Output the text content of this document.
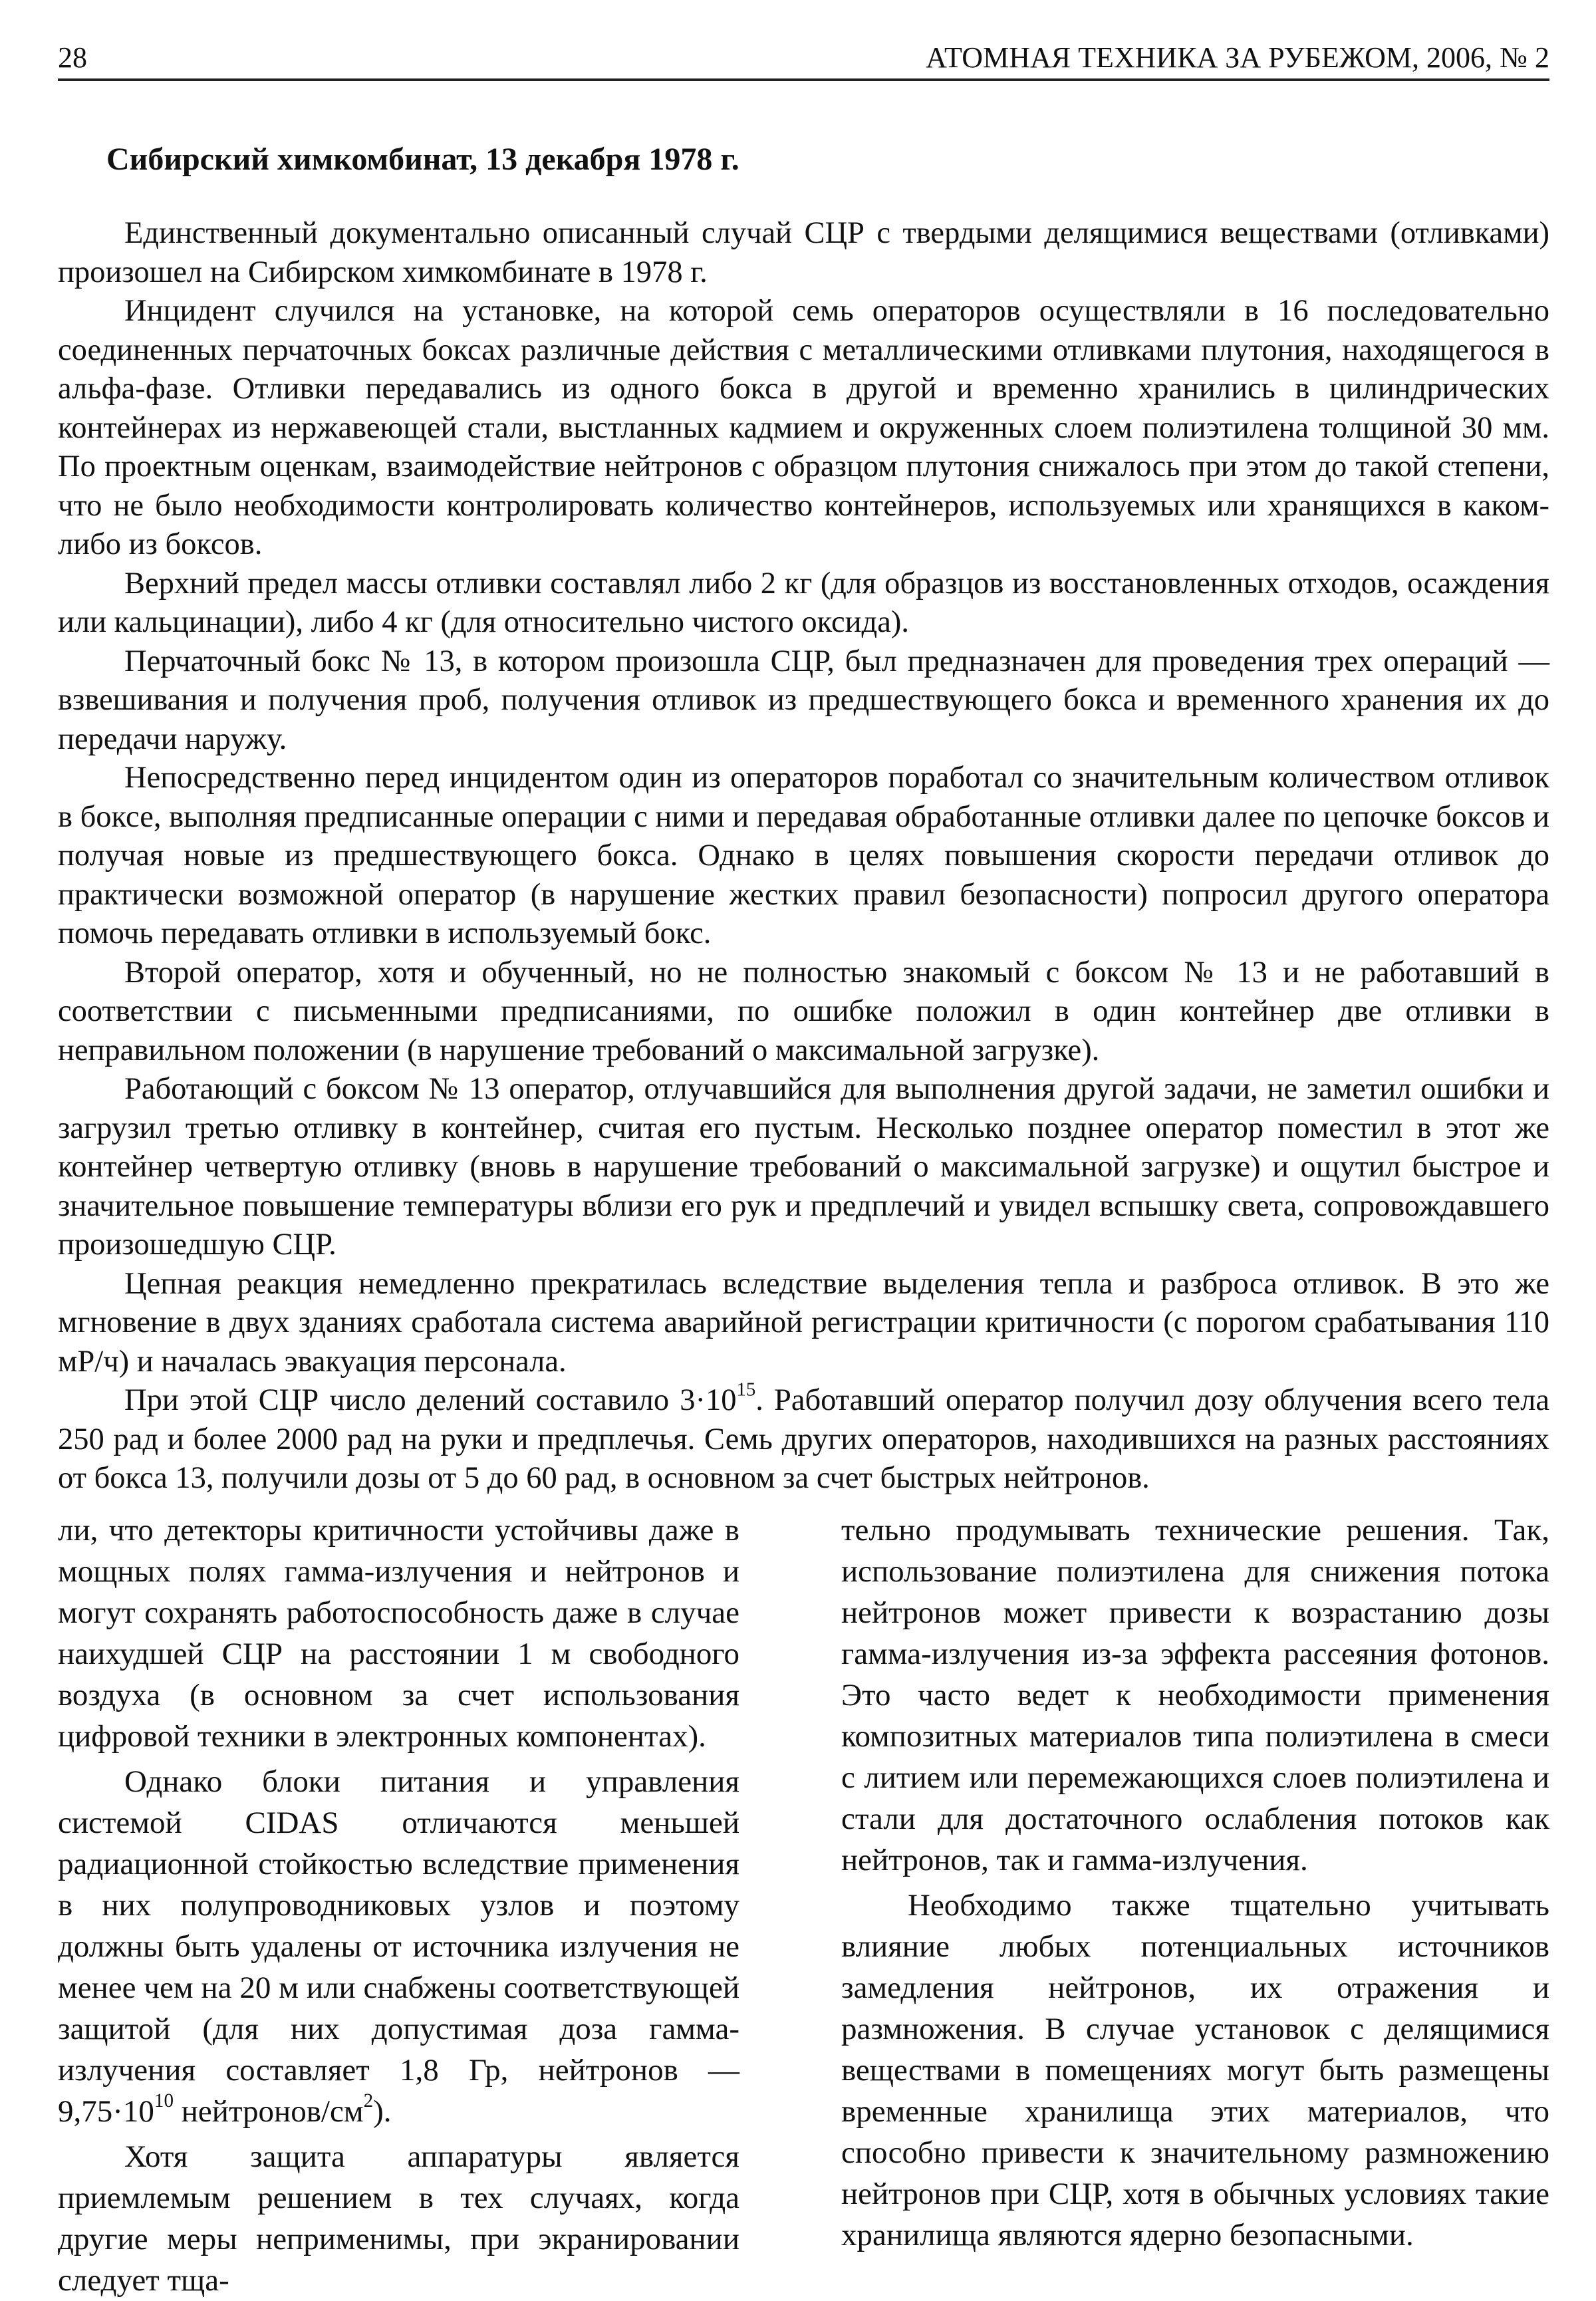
28	АТОМНАЯ ТЕХНИКА ЗА РУБЕЖОМ, 2006, № 2
Сибирский химкомбинат, 13 декабря 1978 г.

Единственный документально описанный случай СЦР с твердыми делящимися веществами (отливками) произошел на Сибирском химкомбинате в 1978 г.

Инцидент случился на установке, на которой семь операторов осуществляли в 16 последовательно соединенных перчаточных боксах различные действия с металлическими отливками плутония, находящегося в альфа-фазе. Отливки передавались из одного бокса в другой и временно хранились в цилиндрических контейнерах из нержавеющей стали, выстланных кадмием и окруженных слоем полиэтилена толщиной 30 мм. По проектным оценкам, взаимодействие нейтронов с образцом плутония снижалось при этом до такой степени, что не было необходимости контролировать количество контейнеров, используемых или хранящихся в каком-либо из боксов.

Верхний предел массы отливки составлял либо 2 кг (для образцов из восстановленных отходов, осаждения или кальцинации), либо 4 кг (для относительно чистого оксида).

Перчаточный бокс № 13, в котором произошла СЦР, был предназначен для проведения трех операций — взвешивания и получения проб, получения отливок из предшествующего бокса и временного хранения их до передачи наружу.

Непосредственно перед инцидентом один из операторов поработал со значительным количеством отливок в боксе, выполняя предписанные операции с ними и передавая обработанные отливки далее по цепочке боксов и получая новые из предшествующего бокса. Однако в целях повышения скорости передачи отливок до практически возможной оператор (в нарушение жестких правил безопасности) попросил другого оператора помочь передавать отливки в используемый бокс.

Второй оператор, хотя и обученный, но не полностью знакомый с боксом № 13 и не работавший в соответствии с письменными предписаниями, по ошибке положил в один контейнер две отливки в неправильном положении (в нарушение требований о максимальной загрузке).

Работающий с боксом № 13 оператор, отлучавшийся для выполнения другой задачи, не заметил ошибки и загрузил третью отливку в контейнер, считая его пустым. Несколько позднее оператор поместил в этот же контейнер четвертую отливку (вновь в нарушение требований о максимальной загрузке) и ощутил быстрое и значительное повышение температуры вблизи его рук и предплечий и увидел вспышку света, сопровождавшего произошедшую СЦР.

Цепная реакция немедленно прекратилась вследствие выделения тепла и разброса отливок. В это же мгновение в двух зданиях сработала система аварийной регистрации критичности (с порогом срабатывания 110 мР/ч) и началась эвакуация персонала.

При этой СЦР число делений составило $3\cdot 10^{15}$. Работавший оператор получил дозу облучения всего тела 250 рад и более 2000 рад на руки и предплечья. Семь других операторов, находившихся на разных расстояниях от бокса 13, получили дозы от 5 до 60 рад, в основном за счет быстрых нейтронов.

ли, что детекторы критичности устойчивы даже в мощных полях гамма-излучения и нейтронов и могут сохранять работоспособность даже в случае наихудшей СЦР на расстоянии 1 м свободного воздуха (в основном за счет использования цифровой техники в электронных компонентах).

Однако блоки питания и управления системой CIDAS отличаются меньшей радиационной стойкостью вследствие применения в них полупроводниковых узлов и поэтому должны быть удалены от источника излучения не менее чем на 20 м или снабжены соответствующей защитой (для них допустимая доза гамма-излучения составляет 1,8 Гр, нейтронов — $9,75\cdot 10^{10}$ нейтронов/$см^2$).

Хотя защита аппаратуры является приемлемым решением в тех случаях, когда другие меры неприменимы, при экранировании следует тща-

тельно продумывать технические решения. Так, использование полиэтилена для снижения потока нейтронов может привести к возрастанию дозы гамма-излучения из-за эффекта рассеяния фотонов. Это часто ведет к необходимости применения композитных материалов типа полиэтилена в смеси с литием или перемежающихся слоев полиэтилена и стали для достаточного ослабления потоков как нейтронов, так и гамма-излучения.

Необходимо также тщательно учитывать влияние любых потенциальных источников замедления нейтронов, их отражения и размножения. В случае установок с делящимися веществами в помещениях могут быть размещены временные хранилища этих материалов, что способно привести к значительному размножению нейтронов при СЦР, хотя в обычных условиях такие хранилища являются ядерно безопасными.
